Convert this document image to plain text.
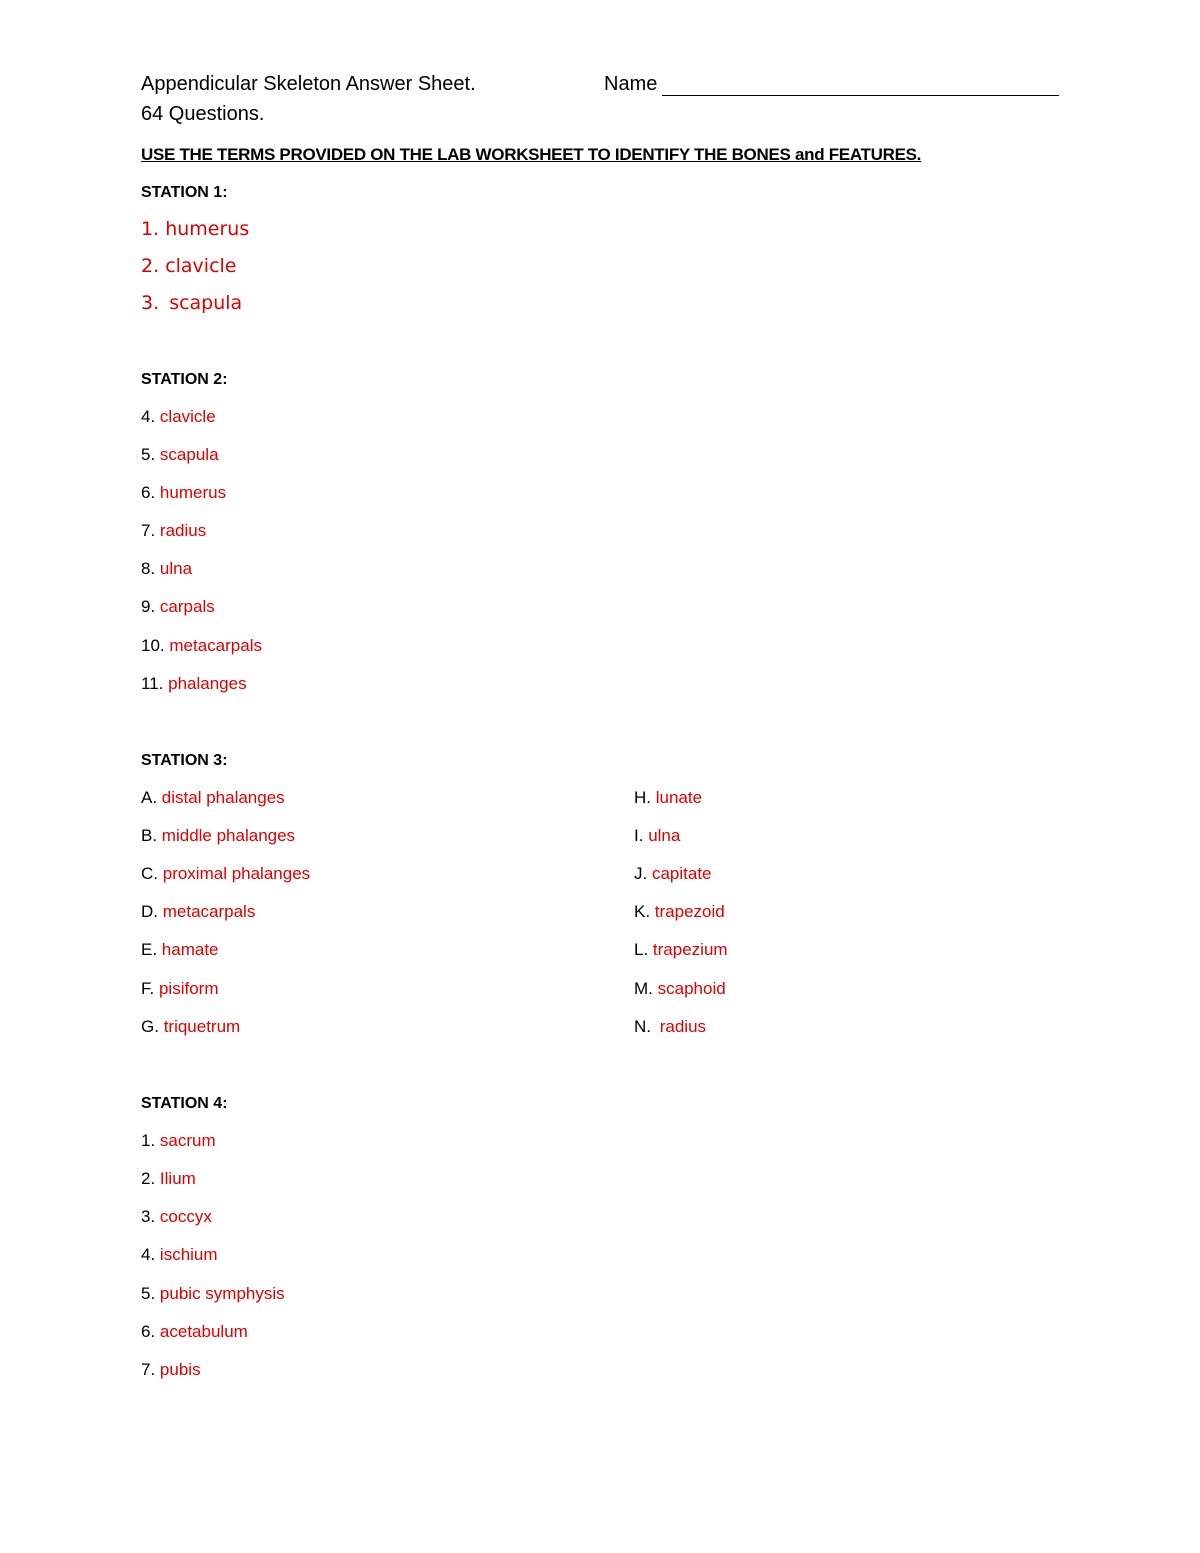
Appendicular Skeleton Answer Sheet.
64 Questions.
Name
USE THE TERMS PROVIDED ON THE LAB WORKSHEET TO IDENTIFY THE BONES and FEATURES.
STATION 1:
1. humerus
2. clavicle
3. scapula
STATION 2:
4. clavicle
5. scapula
6. humerus
7. radius
8. ulna
9. carpals
10. metacarpals
11. phalanges
STATION 3:
A. distal phalanges
B. middle phalanges
C. proximal phalanges
D. metacarpals
E. hamate
F. pisiform
G. triquetrum
H. lunate
I. ulna
J. capitate
K. trapezoid
L. trapezium
M. scaphoid
N. radius
STATION 4:
1. sacrum
2. Ilium
3. coccyx
4. ischium
5. pubic symphysis
6. acetabulum
7. pubis
